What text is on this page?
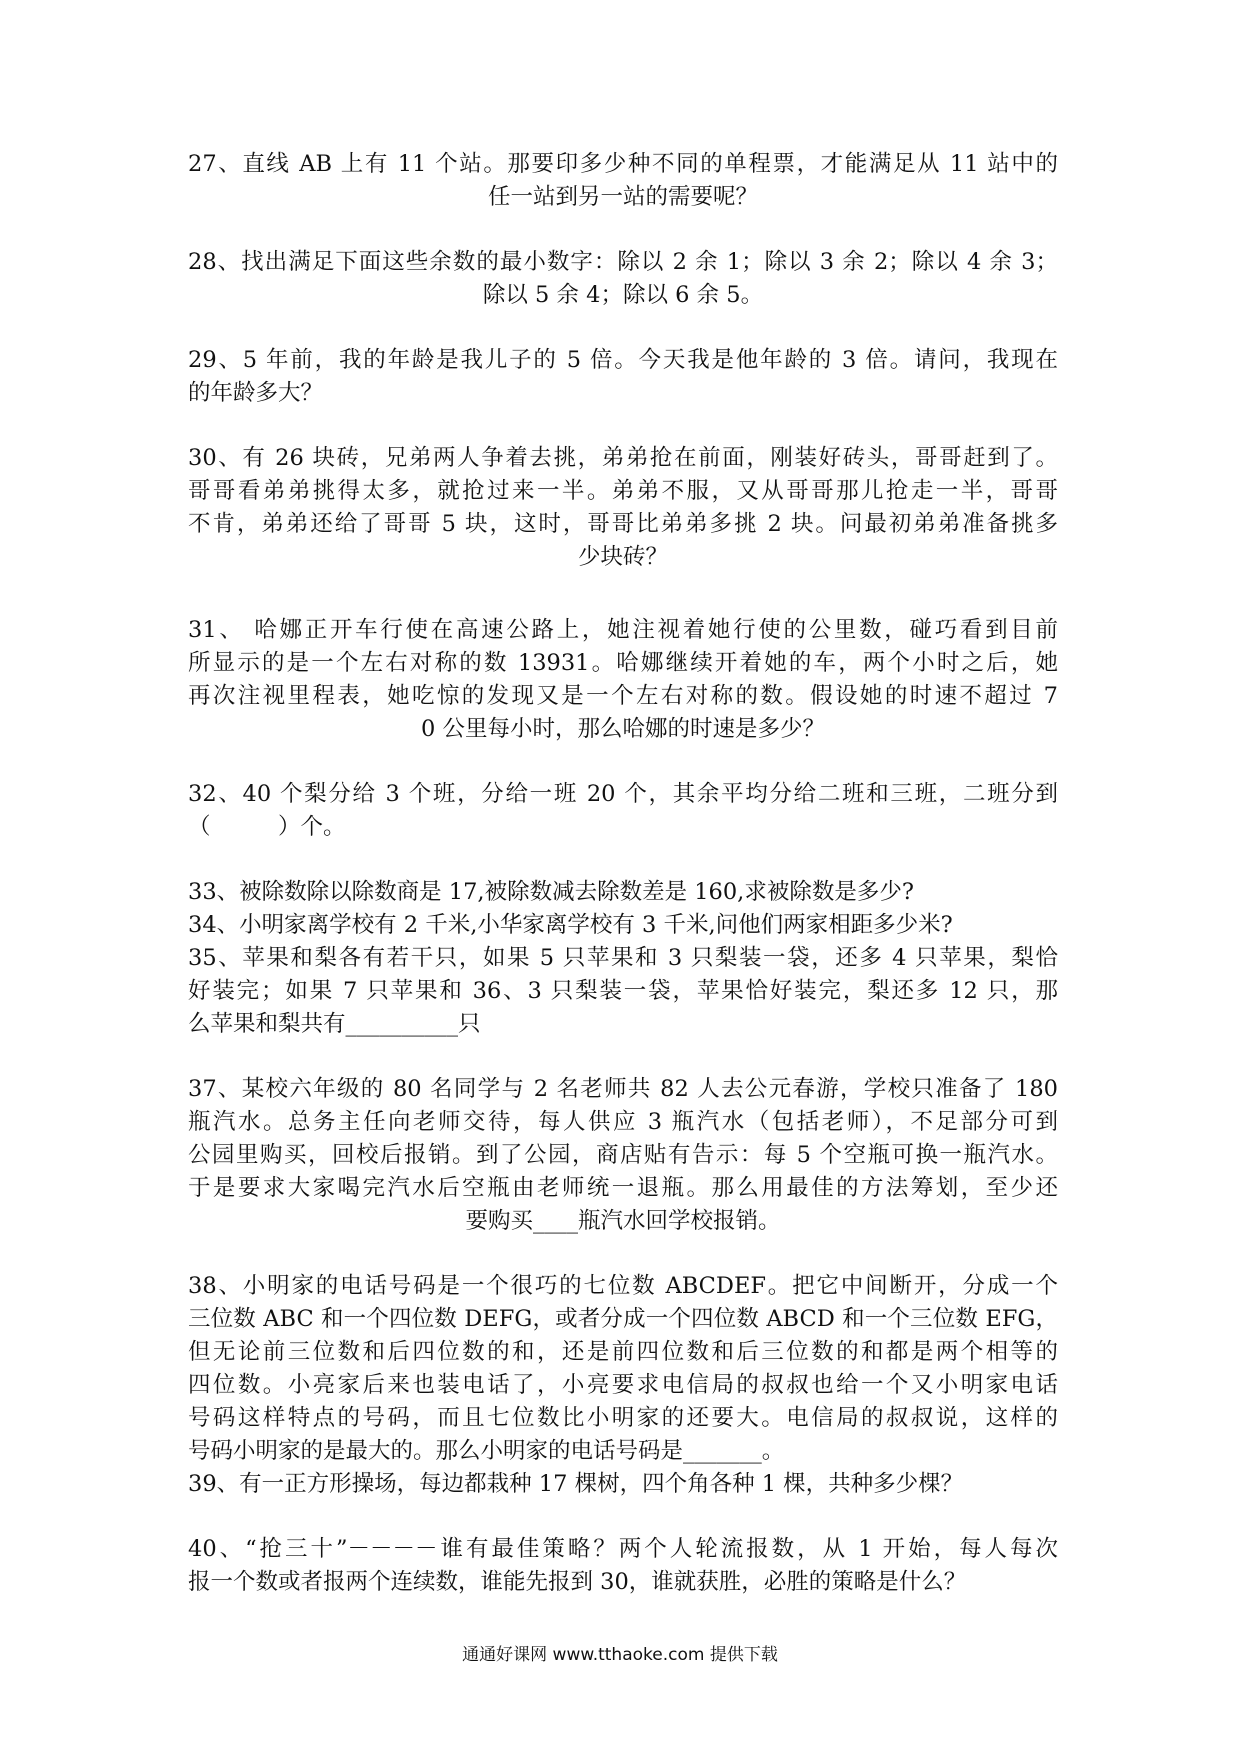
27、直线 AB 上有 11 个站。那要印多少种不同的单程票，才能满足从 11 站中的
任一站到另一站的需要呢？
28、找出满足下面这些余数的最小数字：除以 2 余 1；除以 3 余 2；除以 4 余 3；
除以 5 余 4；除以 6 余 5。
29、5 年前，我的年龄是我儿子的 5 倍。今天我是他年龄的 3 倍。请问，我现在
的年龄多大？
30、有 26 块砖，兄弟两人争着去挑，弟弟抢在前面，刚装好砖头，哥哥赶到了。
哥哥看弟弟挑得太多，就抢过来一半。弟弟不服，又从哥哥那儿抢走一半，哥哥
不肯，弟弟还给了哥哥 5 块，这时，哥哥比弟弟多挑 2 块。问最初弟弟准备挑多
少块砖？
31、 哈娜正开车行使在高速公路上，她注视着她行使的公里数，碰巧看到目前
所显示的是一个左右对称的数 13931。哈娜继续开着她的车，两个小时之后，她
再次注视里程表，她吃惊的发现又是一个左右对称的数。假设她的时速不超过 7
0 公里每小时，那么哈娜的时速是多少？
32、40 个梨分给 3 个班，分给一班 20 个，其余平均分给二班和三班，二班分到
（　　　）个。
33、被除数除以除数商是 17,被除数减去除数差是 160,求被除数是多少?
34、小明家离学校有 2 千米,小华家离学校有 3 千米,问他们两家相距多少米?
35、苹果和梨各有若干只，如果 5 只苹果和 3 只梨装一袋，还多 4 只苹果，梨恰
好装完；如果 7 只苹果和 36、3 只梨装一袋，苹果恰好装完，梨还多 12 只，那
么苹果和梨共有__________只
37、某校六年级的 80 名同学与 2 名老师共 82 人去公元春游，学校只准备了 180
瓶汽水。总务主任向老师交待，每人供应 3 瓶汽水（包括老师），不足部分可到
公园里购买，回校后报销。到了公园，商店贴有告示：每 5 个空瓶可换一瓶汽水。
于是要求大家喝完汽水后空瓶由老师统一退瓶。那么用最佳的方法筹划，至少还
要购买____瓶汽水回学校报销。
38、小明家的电话号码是一个很巧的七位数 ABCDEF。把它中间断开，分成一个
三位数 ABC 和一个四位数 DEFG，或者分成一个四位数 ABCD 和一个三位数 EFG，
但无论前三位数和后四位数的和，还是前四位数和后三位数的和都是两个相等的
四位数。小亮家后来也装电话了，小亮要求电信局的叔叔也给一个又小明家电话
号码这样特点的号码，而且七位数比小明家的还要大。电信局的叔叔说，这样的
号码小明家的是最大的。那么小明家的电话号码是_______。
39、有一正方形操场，每边都栽种 17 棵树，四个角各种 1 棵，共种多少棵？
40、“抢三十”－－－－谁有最佳策略？两个人轮流报数，从 1 开始，每人每次
报一个数或者报两个连续数，谁能先报到 30，谁就获胜，必胜的策略是什么？
通通好课网 www.tthaoke.com 提供下载
